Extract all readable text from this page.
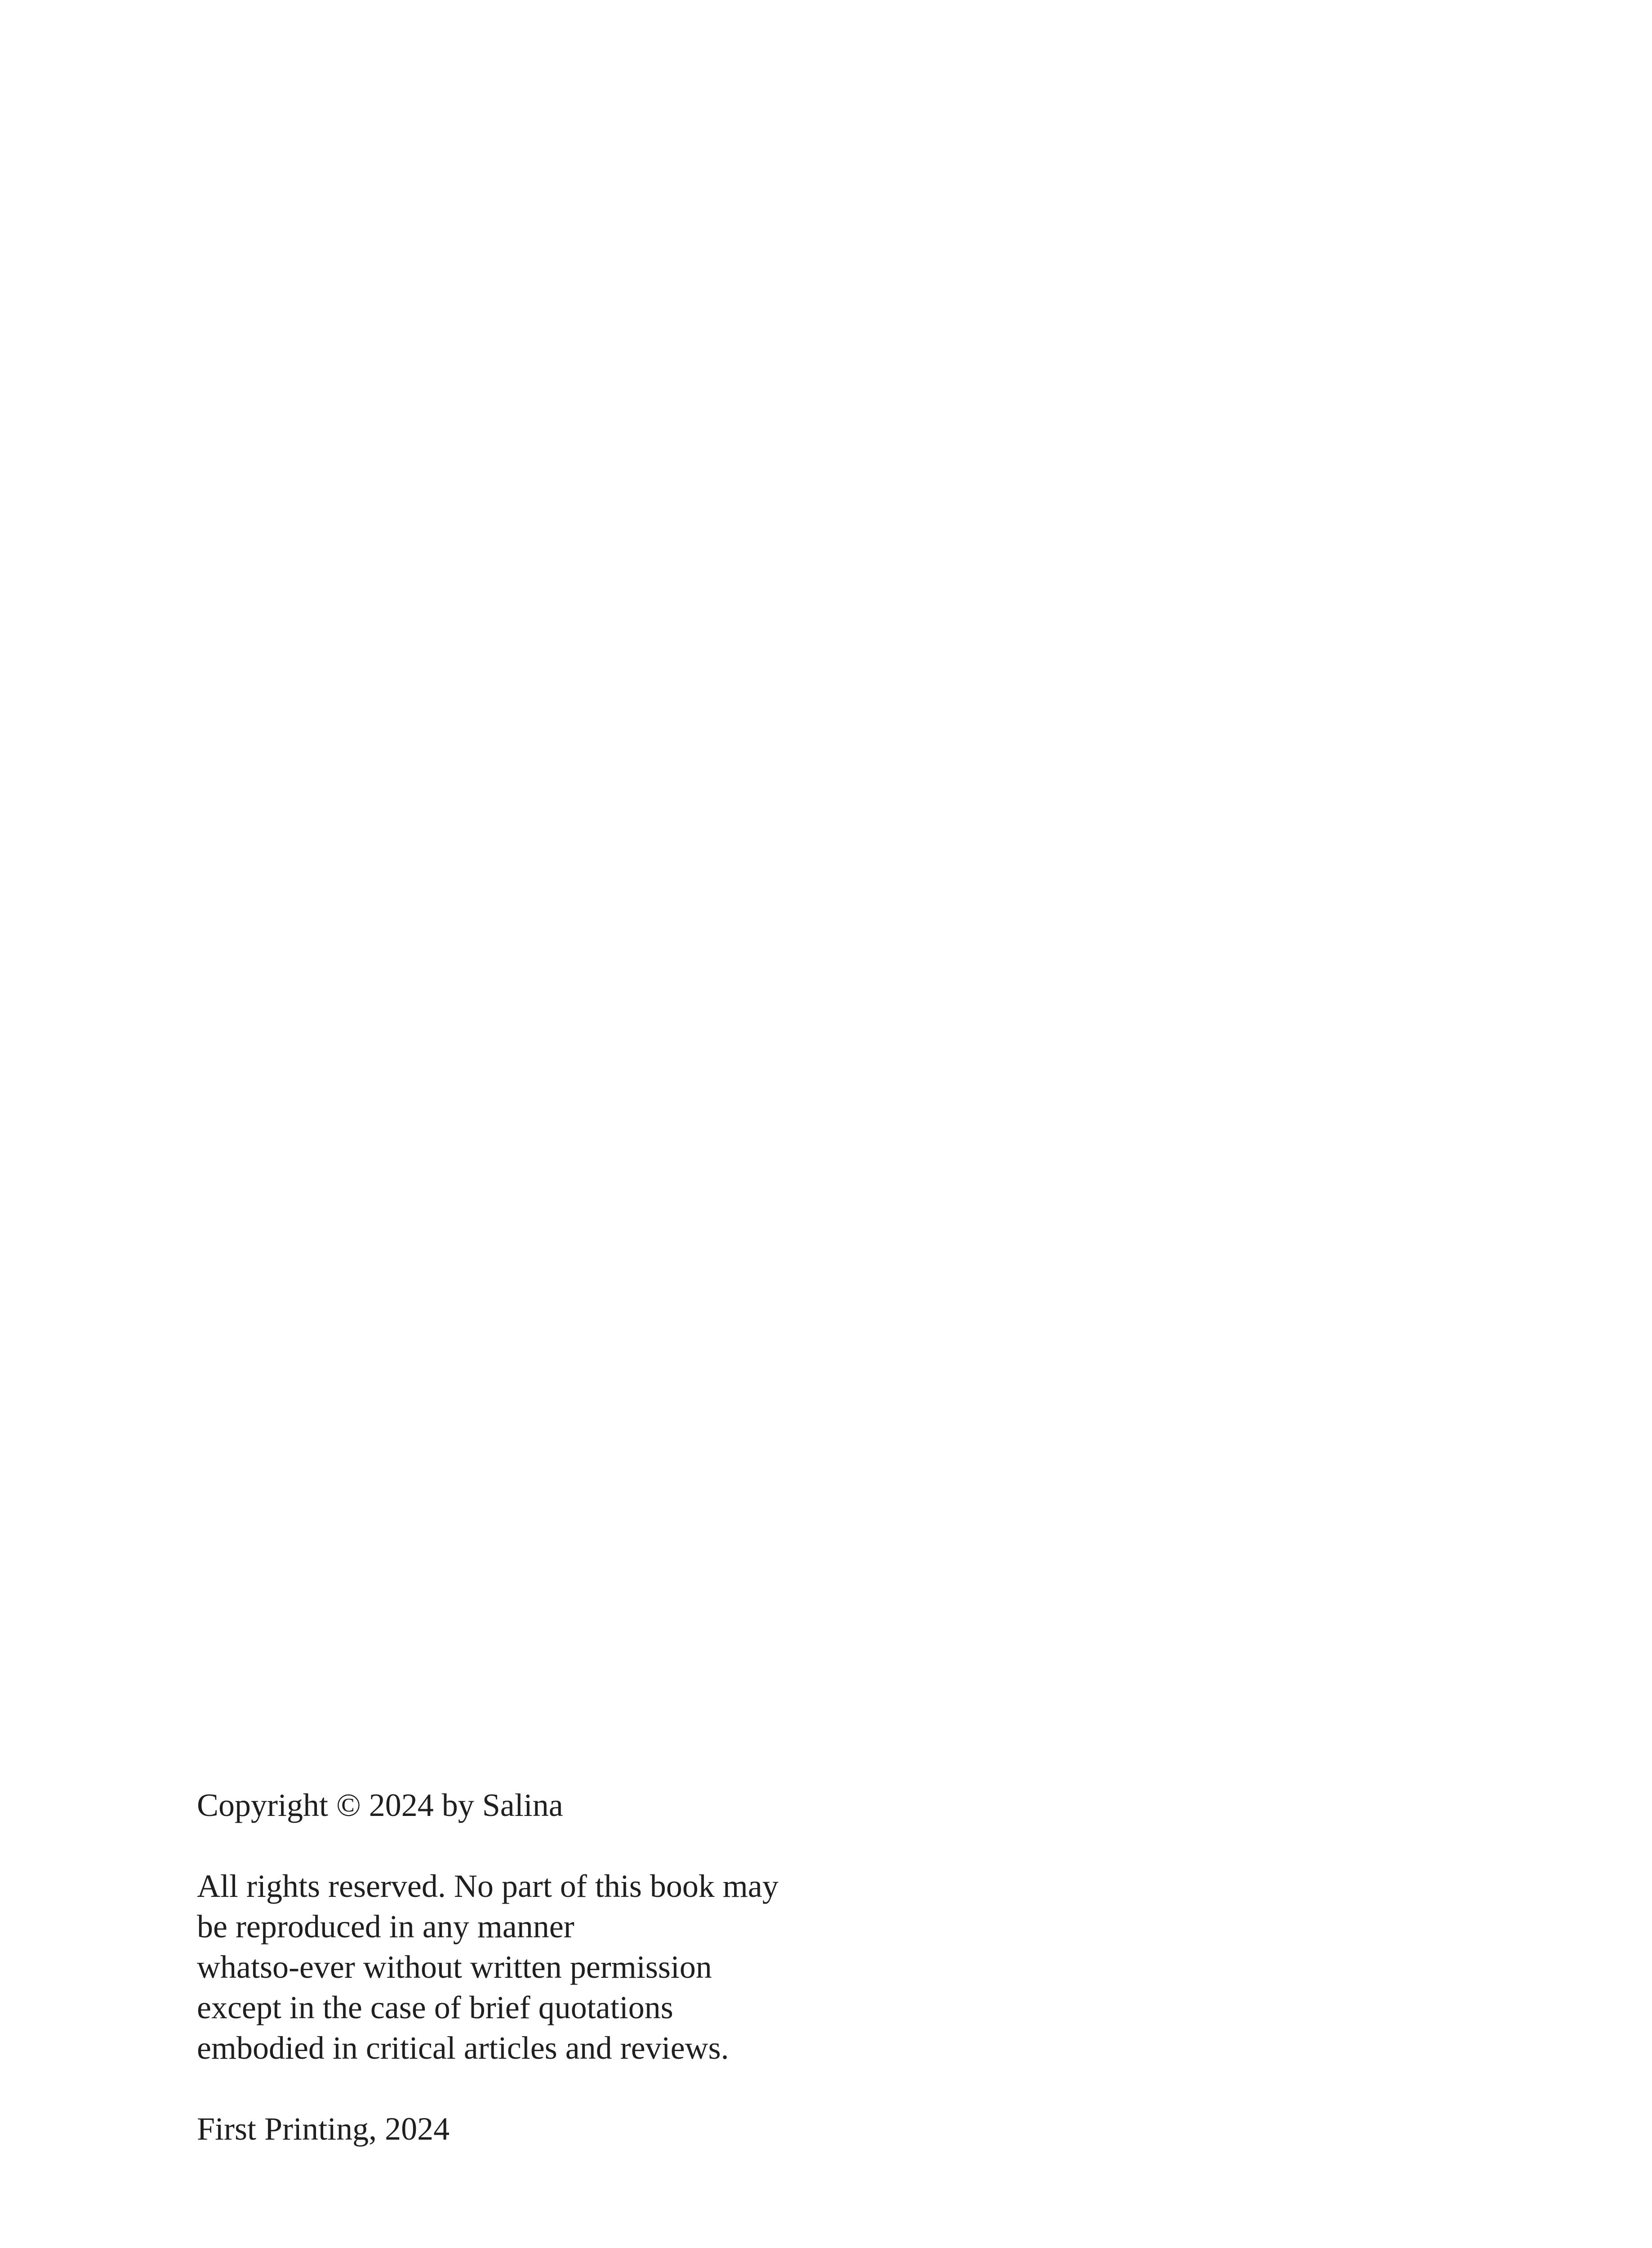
Copyright © 2024 by Salina
All rights reserved. No part of this book may
be reproduced in any manner
whatso-ever without written permission
except in the case of brief quotations
embodied in critical articles and reviews.
First Printing, 2024
